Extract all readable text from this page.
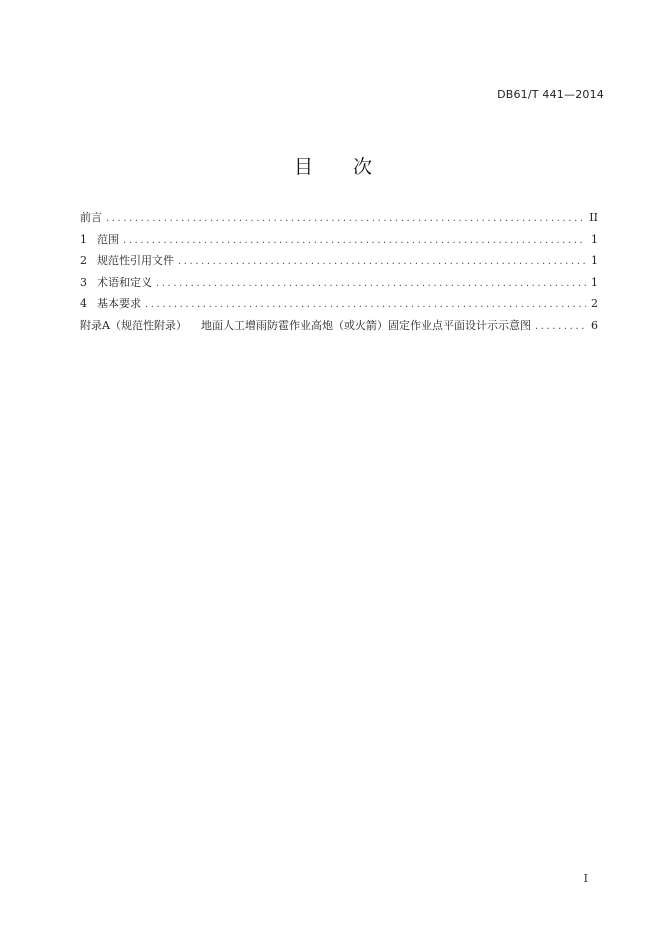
DB61/T 441—2014
目 次
前言 .....	II
1 范围 .....	1
2 规范性引用文件 .....	1
3 术语和定义 .....	1
4 基本要求 .....	2
附录A（规范性附录） 地面人工增雨防雹作业高炮（或火箭）固定作业点平面设计示示意图 .....	6
I
